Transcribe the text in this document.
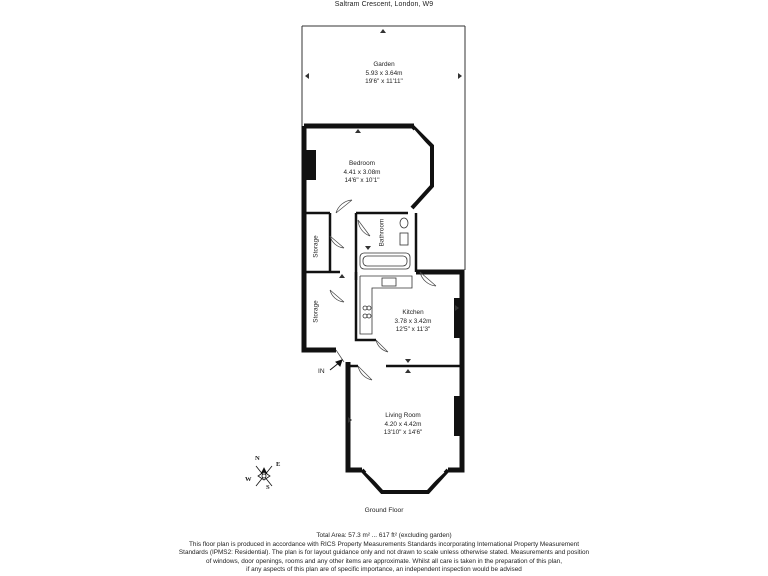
Saltram Crescent, London, W9
Garden
5.93 x 3.64m
19'6" x 11'11"
Bedroom
4.41 x 3.08m
14'6" x 10'1"
Bathroom
Storage
Storage	Kitchen
3.78 x 3.42m
12'5" x 11'3"
Living Room
4.20 x 4.42m
13'10" x 14'6"
IN
N
E
W
S
Ground Floor
Total Area: 57.3 m² ... 617 ft² (excluding garden)
This floor plan is produced in accordance with RICS Property Measurements Standards incorporating International Property Measurement
Standards (IPMS2: Residential). The plan is for layout guidance only and not drawn to scale unless otherwise stated. Measurements and position
of windows, door openings, rooms and any other items are approximate. Whilst all care is taken in the preparation of this plan,
if any aspects of this plan are of specific importance, an independent inspection would be advised
